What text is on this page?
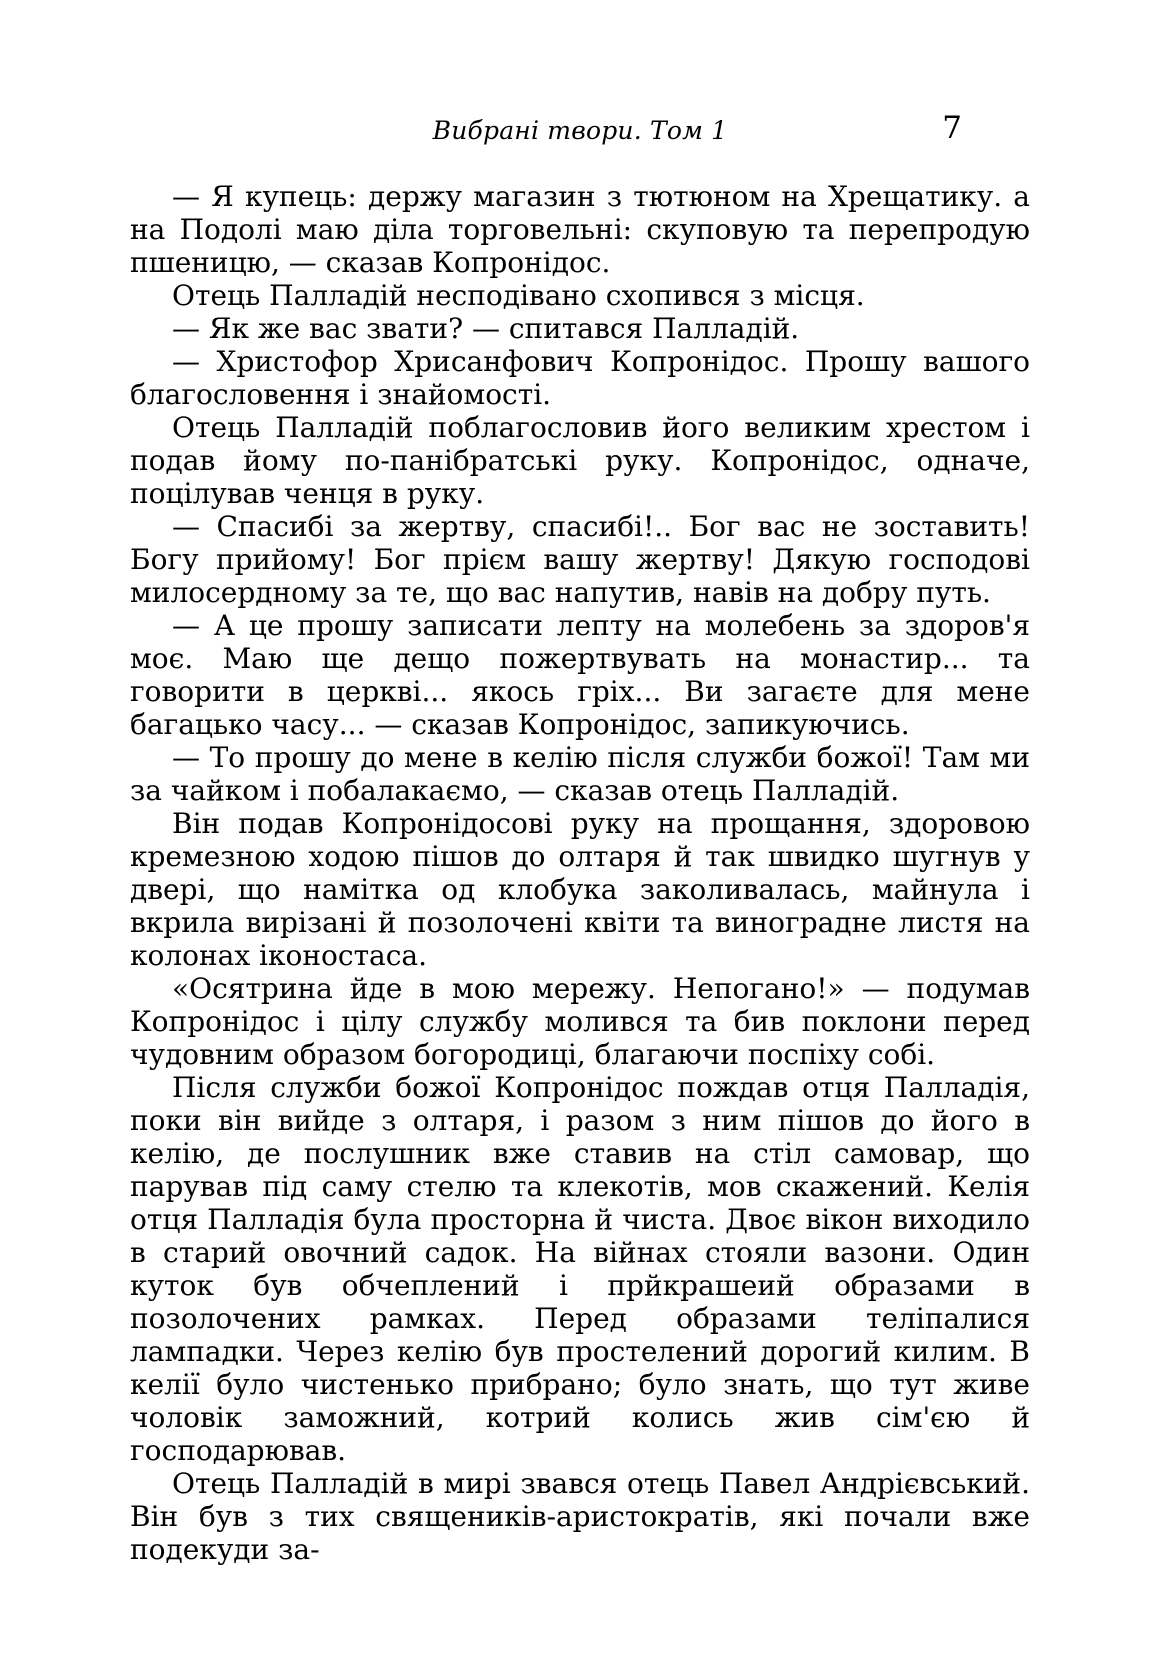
Вибрані твори. Том 1	7

— Я купець: держу магазин з тютюном на Хрещатику. а на Подолі маю діла торговельні: скуповую та перепродую пшеницю, — сказав Копронідос.

Отець Палладій несподівано схопився з місця.

— Як же вас звати? — спитався Палладій.

— Христофор Хрисанфович Копронідос. Прошу вашого благословення і знайомості.

Отець Палладій поблагословив його великим хрестом і подав йому по-панібратські руку. Копронідос, одначе, поцілував ченця в руку.

— Спасибі за жертву, спасибі!.. Бог вас не зоставить! Богу прийому! Бог прієм вашу жертву! Дякую господові милосердному за те, що вас напутив, навів на добру путь.

— А це прошу записати лепту на молебень за здоров'я моє. Маю ще дещо пожертвувать на монастир... та говорити в церкві... якось гріх... Ви загаєте для мене багацько часу... — сказав Копронідос, запикуючись.

— То прошу до мене в келію після служби божої! Там ми за чайком і побалакаємо, — сказав отець Палладій.

Він подав Копронідосові руку на прощання, здоровою кремезною ходою пішов до олтаря й так швидко шугнув у двері, що намітка од клобука заколивалась, майнула і вкрила вирізані й позолочені квіти та виноградне листя на колонах іконостаса.

«Осятрина йде в мою мережу. Непогано!» — подумав Копронідос і цілу службу молився та бив поклони перед чудовним образом богородиці, благаючи поспіху собі.

Після служби божої Копронідос пождав отця Палладія, поки він вийде з олтаря, і разом з ним пішов до його в келію, де послушник вже ставив на стіл самовар, що парував під саму стелю та клекотів, мов скажений. Келія отця Палладія була просторна й чиста. Двоє вікон виходило в старий овочний садок. На війнах стояли вазони. Один куток був обчеплений і прйкрашеий образами в позолочених рамках. Перед образами теліпалися лампадки. Через келію був простелений дорогий килим. В келії було чистенько прибрано; було знать, що тут живе чоловік заможний, котрий колись жив сім'єю й господарював.

Отець Палладій в мирі звався отець Павел Андрієвський. Він був з тих священиків-аристократів, які почали вже подекуди за-
